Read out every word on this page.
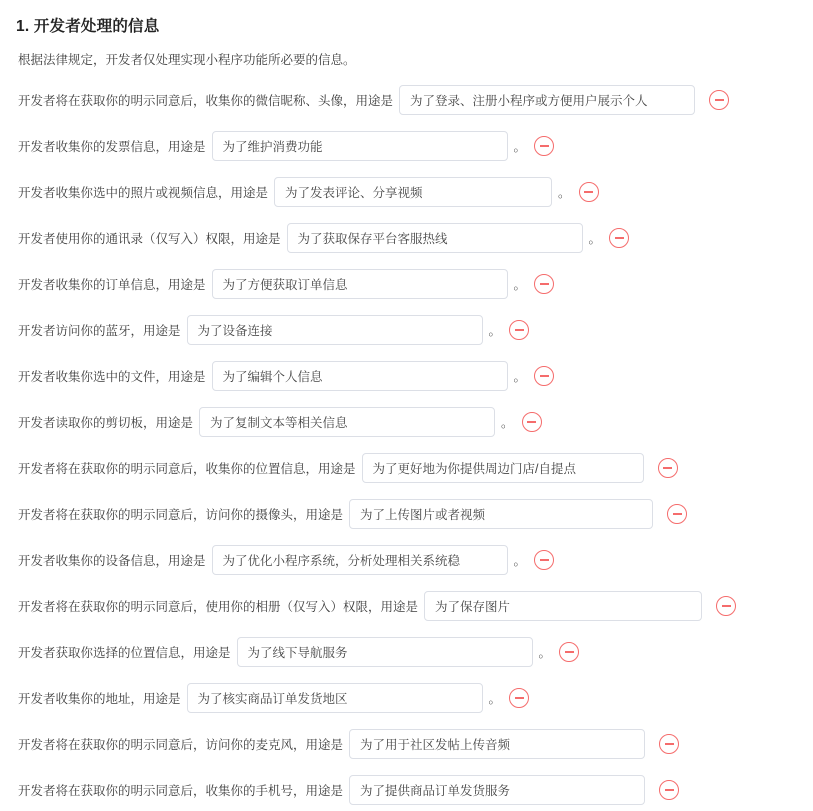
1. 开发者处理的信息
根据法律规定，开发者仅处理实现小程序功能所必要的信息。
开发者将在获取你的明示同意后，收集你的微信昵称、头像，用途是 为了登录、注册小程序或方便用户展示个人
开发者收集你的发票信息，用途是 为了维护消费功能	。
开发者收集你选中的照片或视频信息，用途是 为了发表评论、分享视频	。
开发者使用你的通讯录（仅写入）权限，用途是 为了获取保存平台客服热线	。
开发者收集你的订单信息，用途是 为了方便获取订单信息	。
开发者访问你的蓝牙，用途是 为了设备连接	。
开发者收集你选中的文件，用途是 为了编辑个人信息	。
开发者读取你的剪切板，用途是 为了复制文本等相关信息	。
开发者将在获取你的明示同意后，收集你的位置信息，用途是 为了更好地为你提供周边门店/自提点
开发者将在获取你的明示同意后，访问你的摄像头，用途是 为了上传图片或者视频
开发者收集你的设备信息，用途是 为了优化小程序系统，分析处理相关系统稳	。
开发者将在获取你的明示同意后，使用你的相册（仅写入）权限，用途是 为了保存图片
开发者获取你选择的位置信息，用途是 为了线下导航服务	。
开发者收集你的地址，用途是 为了核实商品订单发货地区	。
开发者将在获取你的明示同意后，访问你的麦克风，用途是 为了用于社区发帖上传音频
开发者将在获取你的明示同意后，收集你的手机号，用途是 为了提供商品订单发货服务
